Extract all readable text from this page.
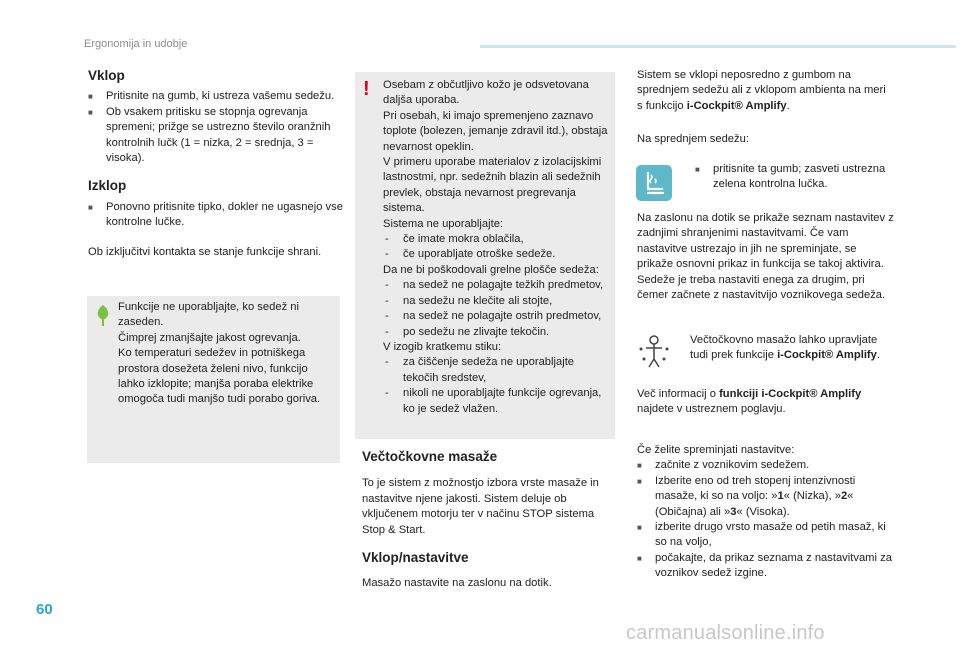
Ergonomija in udobje
Vklop
■ Pritisnite na gumb, ki ustreza vašemu sedežu.
■ Ob vsakem pritisku se stopnja ogrevanja spremeni; prižge se ustrezno število oranžnih kontrolnih lučk (1 = nizka, 2 = srednja, 3 = visoka).
Izklop
■ Ponovno pritisnite tipko, dokler ne ugasnejo vse kontrolne lučke.

Ob izključitvi kontakta se stanje funkcije shrani.

Funkcije ne uporabljajte, ko sedež ni zaseden.

Čimprej zmanjšajte jakost ogrevanja.

Ko temperaturi sedežev in potniškega prostora dosežeta želeni nivo, funkcijo lahko izklopite; manjša poraba elektrike omogoča tudi manjšo tudi porabo goriva.

! Osebam z občutljivo kožo je odsvetovana dalјša uporaba.

Pri osebah, ki imajo spremenjeno zaznavo toplote (bolezen, jemanje zdravil itd.), obstaja nevarnost opeklin.

V primeru uporabe materialov z izolacijskimi lastnostmi, npr. sedežnih blazin ali sedežnih prevlek, obstaja nevarnost pregrevanja sistema.

Sistema ne uporabljajte:

- če imate mokra oblačila,
- če uporabljate otroške sedeže.

Da ne bi poškodovali grelne plošče sedeža:

- na sedež ne polagajte težkih predmetov,
- na sedežu ne klečite ali stojte,
- na sedež ne polagajte ostrih predmetov,
- po sedežu ne zlivajte tekočin.

V izogib kratkemu stiku:

- za čiščenje sedeža ne uporabljajte tekočih sredstev,
- nikoli ne uporabljajte funkcije ogrevanja, ko je sedež vlažen.
Večtočkovne masaže

To je sistem z možnostjo izbora vrste masaže in nastavitve njene jakosti. Sistem deluje ob vključenem motorju ter v načinu STOP sistema Stop & Start.

Vklop/nastavitve

Masažo nastavite na zaslonu na dotik.

Sistem se vklopi neposredno z gumbom na sprednjem sedežu ali z vklopom ambienta na meri s funkcijo i-Cockpit® Amplify.

Na sprednjem sedežu:

■ pritisnite ta gumb; zasveti ustrezna zelena kontrolna lučka.

Na zaslonu na dotik se prikaže seznam nastavitev z zadnjimi shranjenimi nastavitvami. Če vam nastavitve ustrezajo in jih ne spreminjate, se prikaže osnovni prikaz in funkcija se takoj aktivira. Sedeže je treba nastaviti enega za drugim, pri čemer začnete z nastavitvijo voznikovega sedeža.

Večtočkovno masažo lahko upravljate tudi prek funkcije i-Cockpit® Amplify.

Več informacij o funkciji i-Cockpit® Amplify najdete v ustreznem poglavju.

Če želite spreminjati nastavitve:

■ začnite z voznikovim sedežem.
■ Izberite eno od treh stopenj intenzivnosti masaže, ki so na voljo: »1« (Nizka), »2« (Običajna) ali »3« (Visoka).
■ izberite drugo vrsto masaže od petih masaž, ki so na voljo,
■ počakajte, da prikaz seznama z nastavitvami za voznikov sedež izgine.
60
carmanualsonline.info
